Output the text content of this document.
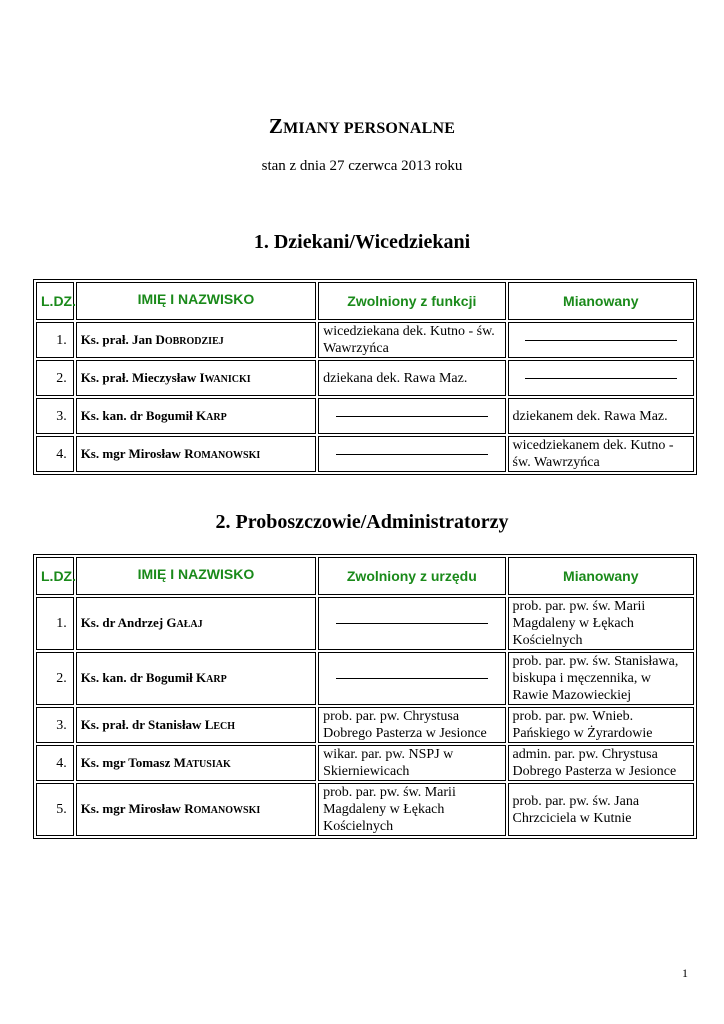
ZMIANY PERSONALNE
stan z dnia 27 czerwca 2013 roku
1. Dziekani/Wicedziekani
L.DZ.	IMIĘ I NAZWISKO	Zwolniony z funkcji	Mianowany
1.	Ks. prał. Jan DOBRODZIEJ	wicedziekana dek. Kutno - św. Wawrzyńca	

2.	Ks. prał. Mieczysław IWANICKI	dziekana dek. Rawa Maz.	

3.	Ks. kan. dr Bogumił KARP		dziekanem dek. Rawa Maz.
4.	Ks. mgr Mirosław ROMANOWSKI		wicedziekanem dek. Kutno - św. Wawrzyńca
2. Proboszczowie/Administratorzy
L.DZ.	IMIĘ I NAZWISKO	Zwolniony z urzędu	Mianowany
1.	Ks. dr Andrzej GAŁAJ		prob. par. pw. św. Marii Magdaleny w Łękach Kościelnych
2.	Ks. kan. dr Bogumił KARP		prob. par. pw. św. Stanisława, biskupa i męczennika, w Rawie Mazowieckiej
3.	Ks. prał. dr Stanisław LECH	prob. par. pw. Chrystusa Dobrego Pasterza w Jesionce	prob. par. pw. Wnieb. Pańskiego w Żyrardowie
4.	Ks. mgr Tomasz MATUSIAK	wikar. par. pw. NSPJ w Skierniewicach	admin. par. pw. Chrystusa Dobrego Pasterza w Jesionce
5.	Ks. mgr Mirosław ROMANOWSKI	prob. par. pw. św. Marii Magdaleny w Łękach Kościelnych	prob. par. pw. św. Jana Chrzciciela w Kutnie
1
